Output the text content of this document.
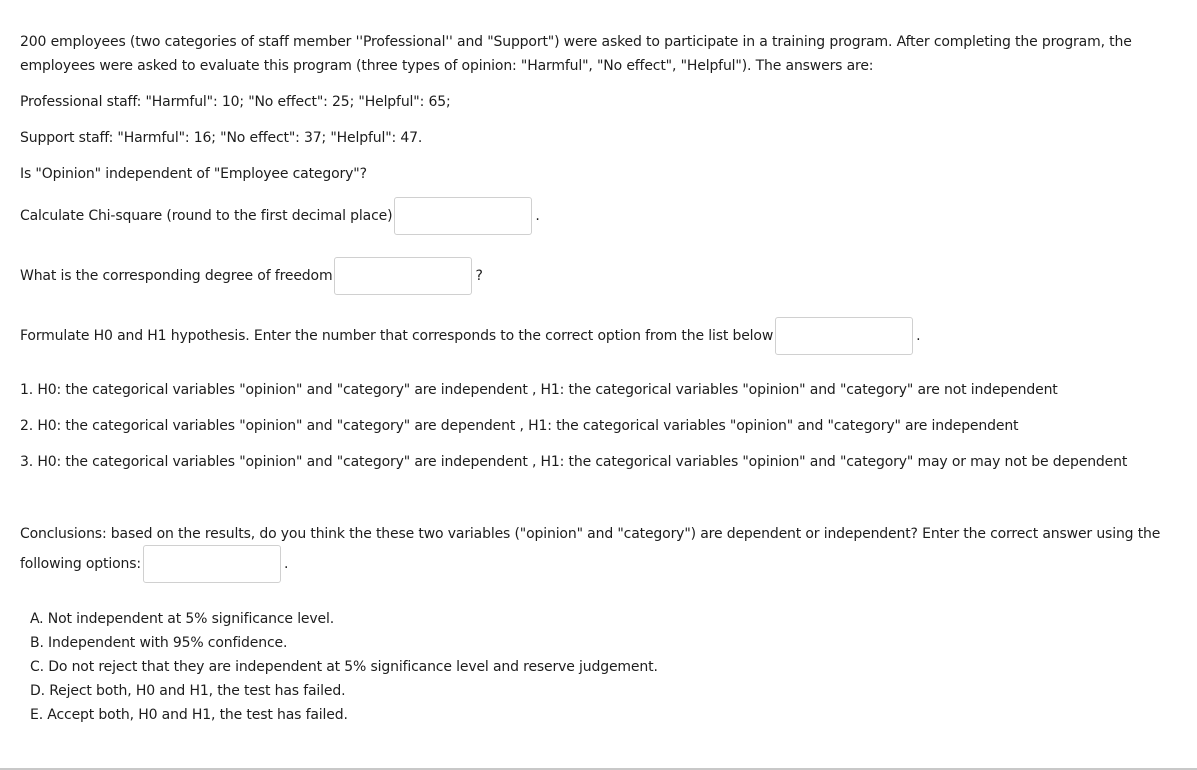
200 employees (two categories of staff member ''Professional'' and "Support") were asked to participate in a training program. After completing the program, the
employees were asked to evaluate this program (three types of opinion: "Harmful", "No effect", "Helpful"). The answers are:
Professional staff: "Harmful": 10; "No effect": 25; "Helpful": 65;
Support staff: "Harmful": 16; "No effect": 37; "Helpful": 47.
Is "Opinion" independent of "Employee category"?
Calculate Chi-square (round to the first decimal place)	.
What is the corresponding degree of freedom	?
Formulate H0 and H1 hypothesis. Enter the number that corresponds to the correct option from the list below	.
1. H0: the categorical variables "opinion" and "category" are independent , H1: the categorical variables "opinion" and "category" are not independent
2. H0: the categorical variables "opinion" and "category" are dependent , H1: the categorical variables "opinion" and "category" are independent
3. H0: the categorical variables "opinion" and "category" are independent , H1: the categorical variables "opinion" and "category" may or may not be dependent
Conclusions: based on the results, do you think the these two variables ("opinion" and "category") are dependent or independent? Enter the correct answer using the
following options:	.
A. Not independent at 5% significance level.
B. Independent with 95% confidence.
C. Do not reject that they are independent at 5% significance level and reserve judgement.
D. Reject both, H0 and H1, the test has failed.
E. Accept both, H0 and H1, the test has failed.
